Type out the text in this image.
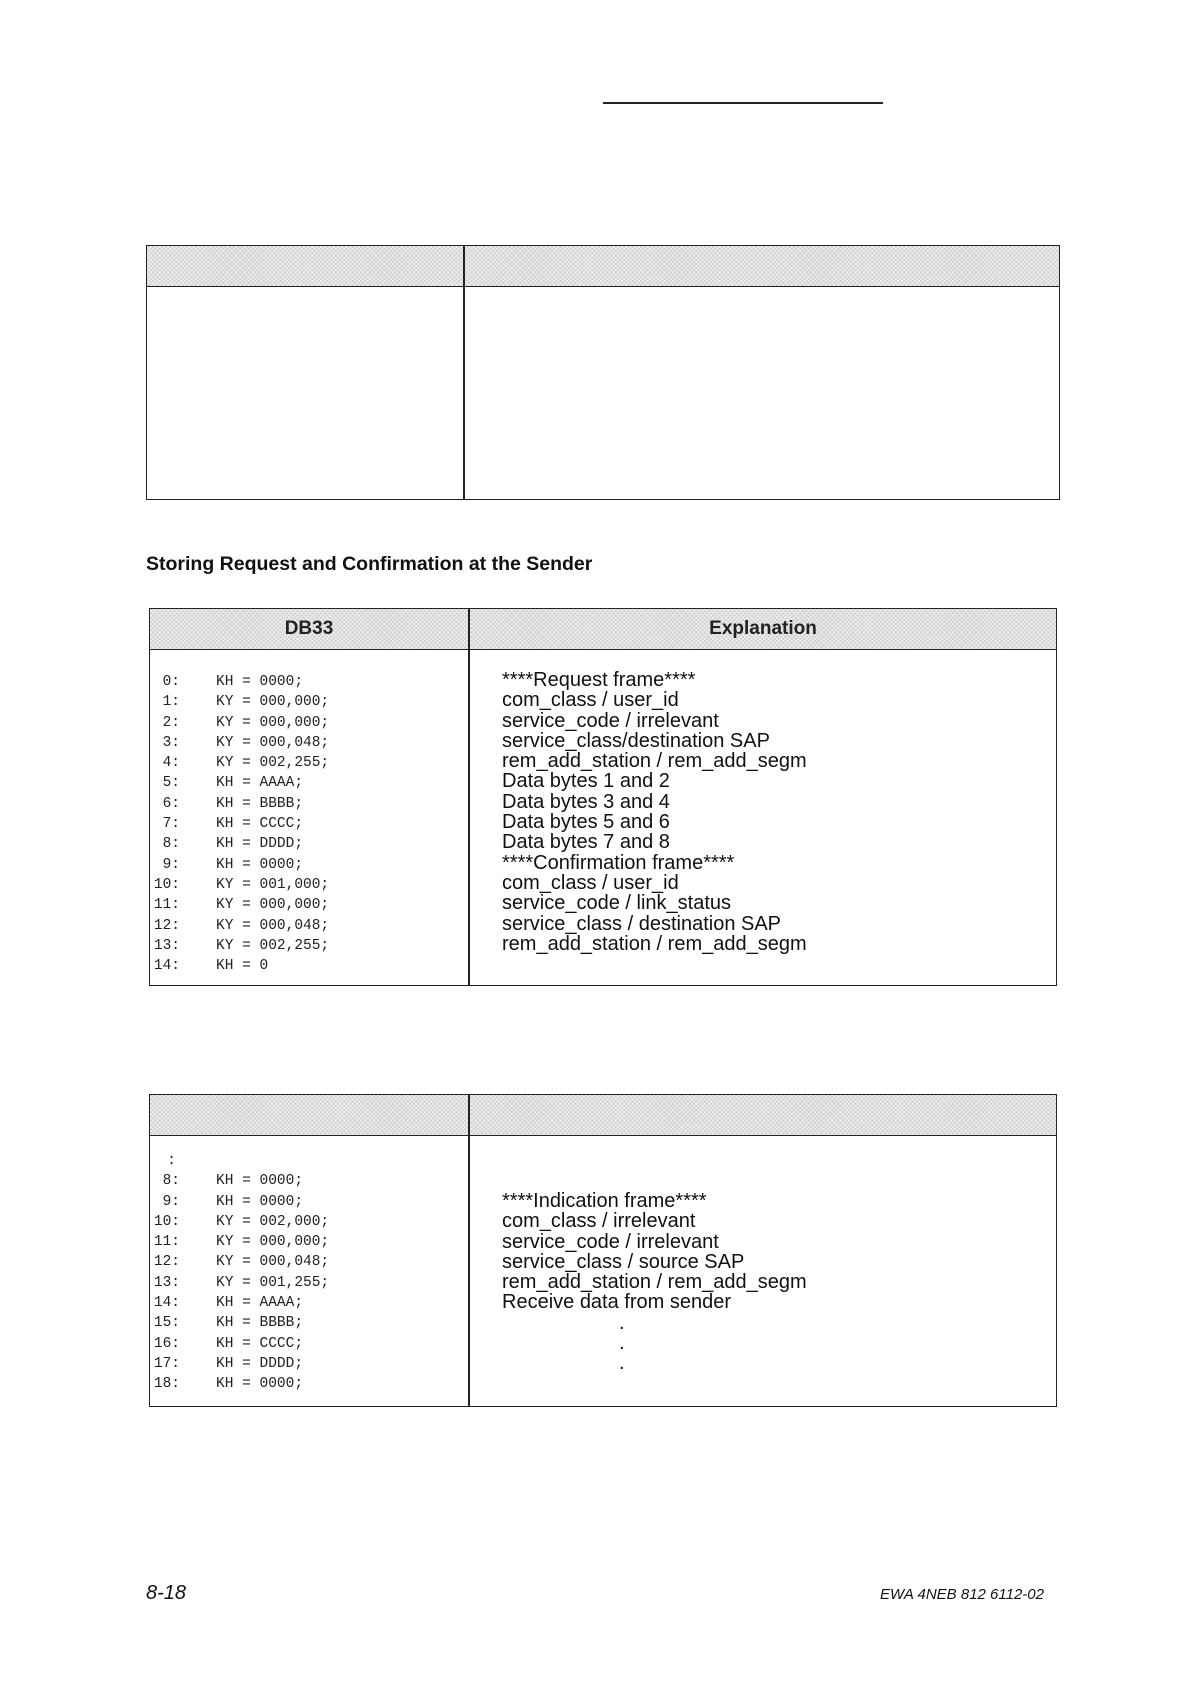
Storing Request and Confirmation at the Sender
DB33	Explanation
0: KH = 0000;
1: KY = 000,000;
2: KY = 000,000;
3: KY = 000,048;
4: KY = 002,255;
5: KH = AAAA;
6: KH = BBBB;
7: KH = CCCC;
8: KH = DDDD;
9: KH = 0000;
10: KY = 001,000;
11: KY = 000,000;
12: KY = 000,048;
13: KY = 002,255;
14: KH = 0
****Request frame****
com_class / user_id
service_code / irrelevant
service_class/destination SAP
rem_add_station / rem_add_segm
Data bytes 1 and 2
Data bytes 3 and 4
Data bytes 5 and 6
Data bytes 7 and 8
****Confirmation frame****
com_class / user_id
service_code / link_status
service_class / destination SAP
rem_add_station / rem_add_segm
:
8: KH = 0000;
9: KH = 0000;
10: KY = 002,000;
11: KY = 000,000;
12: KY = 000,048;
13: KY = 001,255;
14: KH = AAAA;
15: KH = BBBB;
16: KH = CCCC;
17: KH = DDDD;
18: KH = 0000;
****Indication frame****
com_class / irrelevant
service_code / irrelevant
service_class / source SAP
rem_add_station / rem_add_segm
Receive data from sender
.
.
.
8-18	EWA 4NEB 812 6112-02
